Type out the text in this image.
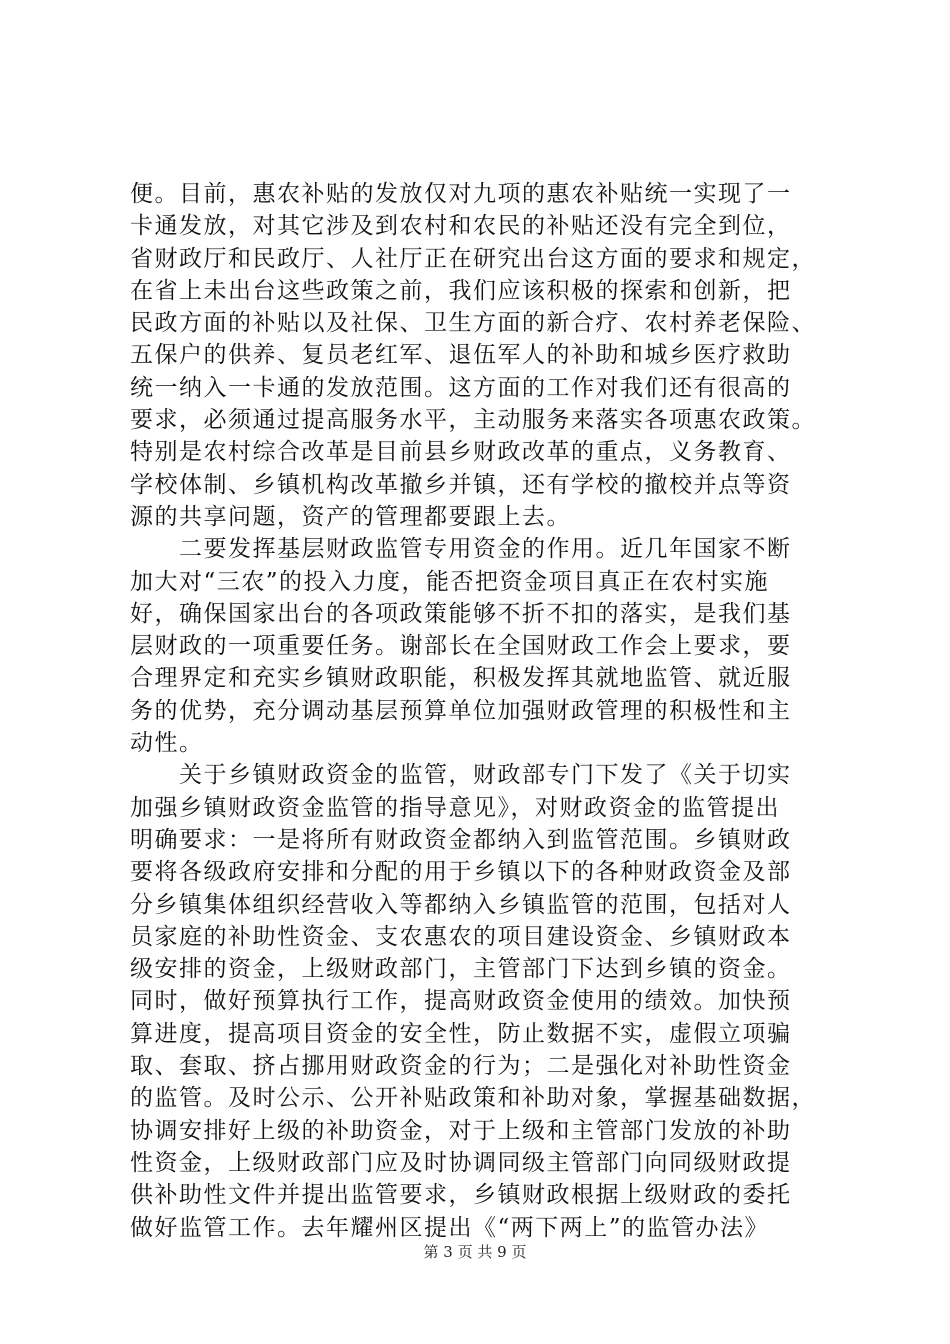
便。目前，惠农补贴的发放仅对九项的惠农补贴统一实现了一
卡通发放，对其它涉及到农村和农民的补贴还没有完全到位，
省财政厅和民政厅、人社厅正在研究出台这方面的要求和规定，
在省上未出台这些政策之前，我们应该积极的探索和创新，把
民政方面的补贴以及社保、卫生方面的新合疗、农村养老保险、
五保户的供养、复员老红军、退伍军人的补助和城乡医疗救助
统一纳入一卡通的发放范围。这方面的工作对我们还有很高的
要求，必须通过提高服务水平，主动服务来落实各项惠农政策。
特别是农村综合改革是目前县乡财政改革的重点，义务教育、
学校体制、乡镇机构改革撤乡并镇，还有学校的撤校并点等资
源的共享问题，资产的管理都要跟上去。
　　二要发挥基层财政监管专用资金的作用。近几年国家不断
加大对“三农”的投入力度，能否把资金项目真正在农村实施
好，确保国家出台的各项政策能够不折不扣的落实，是我们基
层财政的一项重要任务。谢部长在全国财政工作会上要求，要
合理界定和充实乡镇财政职能，积极发挥其就地监管、就近服
务的优势，充分调动基层预算单位加强财政管理的积极性和主
动性。
　　关于乡镇财政资金的监管，财政部专门下发了《关于切实
加强乡镇财政资金监管的指导意见》，对财政资金的监管提出
明确要求：一是将所有财政资金都纳入到监管范围。乡镇财政
要将各级政府安排和分配的用于乡镇以下的各种财政资金及部
分乡镇集体组织经营收入等都纳入乡镇监管的范围，包括对人
员家庭的补助性资金、支农惠农的项目建设资金、乡镇财政本
级安排的资金，上级财政部门，主管部门下达到乡镇的资金。
同时，做好预算执行工作，提高财政资金使用的绩效。加快预
算进度，提高项目资金的安全性，防止数据不实，虚假立项骗
取、套取、挤占挪用财政资金的行为；二是强化对补助性资金
的监管。及时公示、公开补贴政策和补助对象，掌握基础数据，
协调安排好上级的补助资金，对于上级和主管部门发放的补助
性资金，上级财政部门应及时协调同级主管部门向同级财政提
供补助性文件并提出监管要求，乡镇财政根据上级财政的委托
做好监管工作。去年耀州区提出《“两下两上”的监管办法》
第 3 页 共 9 页
